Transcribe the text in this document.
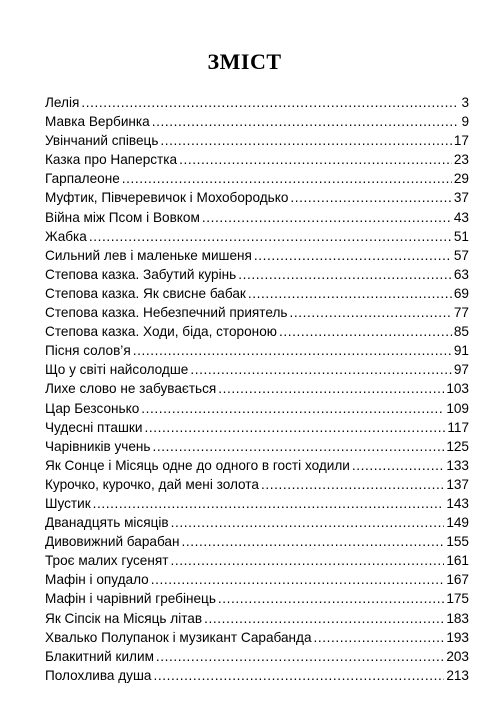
ЗМІСТ
Лелія .....	3
Мавка Вербинка .....	9
Увінчаний співець .....	17
Казка про Наперстка .....	23
Гарпалеоне .....	29
Муфтик, Півчеревичок і Мохобородько .....	37
Війна між Псом і Вовком .....	43
Жабка .....	51
Сильний лев і маленьке мишеня .....	57
Степова казка. Забутий курінь .....	63
Степова казка. Як свисне бабак .....	69
Степова казка. Небезпечний приятель .....	77
Степова казка. Ходи, біда, стороною .....	85
Пісня солов’я .....	91
Що у світі найсолодше .....	97
Лихе слово не забувається .....	103
Цар Безсонько .....	109
Чудесні пташки .....	117
Чарівників учень .....	125
Як Сонце і Місяць одне до одного в гості ходили .....	133
Курочко, курочко, дай мені золота .....	137
Шустик .....	143
Дванадцять місяців .....	149
Дивовижний барабан .....	155
Троє малих гусенят .....	161
Мафін і опудало .....	167
Мафін і чарівний гребінець .....	175
Як Сіпсік на Місяць літав .....	183
Хвалько Полупанок і музикант Сарабанда .....	193
Блакитний килим .....	203
Полохлива душа .....	213
